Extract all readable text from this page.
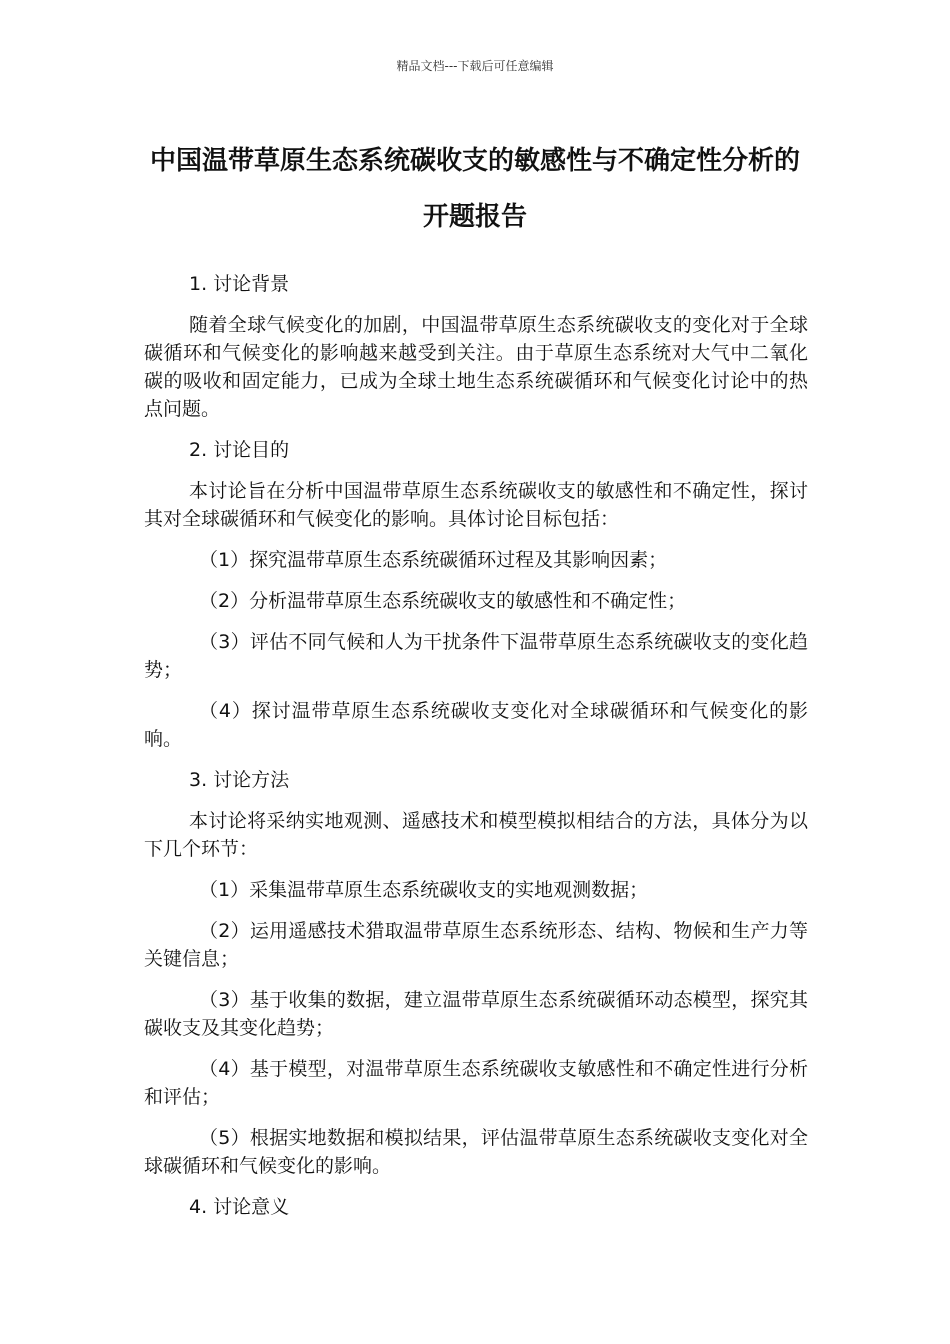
精品文档---下载后可任意编辑
中国温带草原生态系统碳收支的敏感性与不确定性分析的开题报告

1. 讨论背景

随着全球气候变化的加剧，中国温带草原生态系统碳收支的变化对于全球碳循环和气候变化的影响越来越受到关注。由于草原生态系统对大气中二氧化碳的吸收和固定能力，已成为全球土地生态系统碳循环和气候变化讨论中的热点问题。

2. 讨论目的

本讨论旨在分析中国温带草原生态系统碳收支的敏感性和不确定性，探讨其对全球碳循环和气候变化的影响。具体讨论目标包括：

（1）探究温带草原生态系统碳循环过程及其影响因素；

（2）分析温带草原生态系统碳收支的敏感性和不确定性；

（3）评估不同气候和人为干扰条件下温带草原生态系统碳收支的变化趋势；

（4）探讨温带草原生态系统碳收支变化对全球碳循环和气候变化的影响。

3. 讨论方法

本讨论将采纳实地观测、遥感技术和模型模拟相结合的方法，具体分为以下几个环节：

（1）采集温带草原生态系统碳收支的实地观测数据；

（2）运用遥感技术猎取温带草原生态系统形态、结构、物候和生产力等关键信息；

（3）基于收集的数据，建立温带草原生态系统碳循环动态模型，探究其碳收支及其变化趋势；

（4）基于模型，对温带草原生态系统碳收支敏感性和不确定性进行分析和评估；

（5）根据实地数据和模拟结果，评估温带草原生态系统碳收支变化对全球碳循环和气候变化的影响。

4. 讨论意义
